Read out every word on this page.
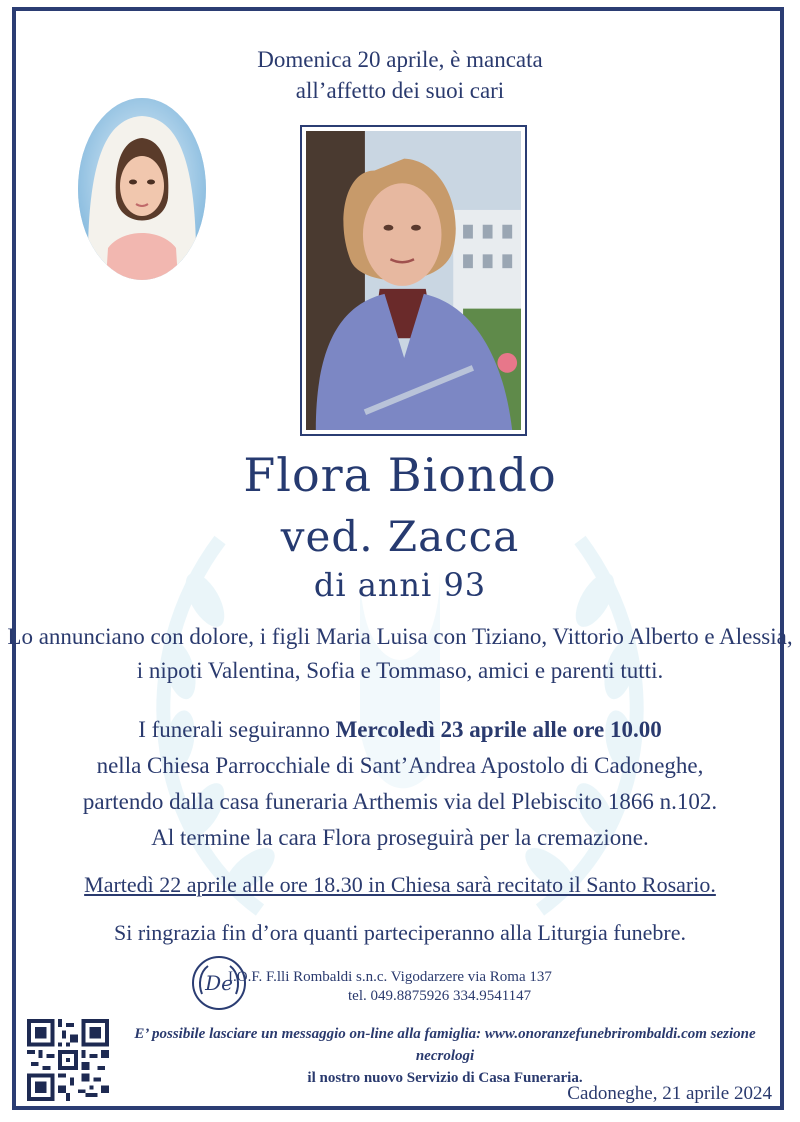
Domenica 20 aprile, è mancata
all’affetto dei suoi cari
Flora Biondo
ved. Zacca
di anni 93
Lo annunciano con dolore, i figli Maria Luisa con Tiziano, Vittorio Alberto e Alessia,
i nipoti Valentina, Sofia e Tommaso, amici e parenti tutti.
I funerali seguiranno Mercoledì 23 aprile alle ore 10.00
nella Chiesa Parrocchiale di Sant’Andrea Apostolo di Cadoneghe,
partendo dalla casa funeraria Arthemis via del Plebiscito 1866 n.102.
Al termine la cara Flora proseguirà per la cremazione.
Martedì 22 aprile alle ore 18.30 in Chiesa sarà recitato il Santo Rosario.
Si ringrazia fin d’ora quanti parteciperanno alla Liturgia funebre.
De
I.O.F. F.lli Rombaldi s.n.c. Vigodarzere via Roma 137
tel. 049.8875926 334.9541147
E’ possibile lasciare un messaggio on-line alla famiglia: www.onoranzefunebrirombaldi.com sezione necrologi
il nostro nuovo Servizio di Casa Funeraria.
Cadoneghe, 21 aprile 2024
